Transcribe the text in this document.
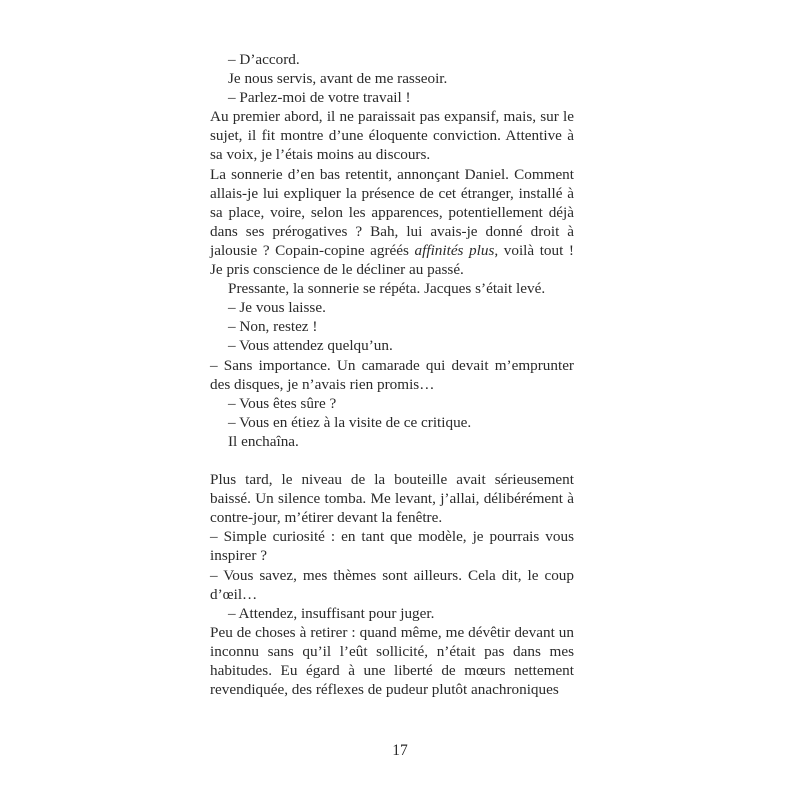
– D’accord.

Je nous servis, avant de me rasseoir.

– Parlez-moi de votre travail !

Au premier abord, il ne paraissait pas expansif, mais, sur le sujet, il fit montre d’une éloquente conviction. Attentive à sa voix, je l’étais moins au discours.

La sonnerie d’en bas retentit, annonçant Daniel. Comment allais-je lui expliquer la présence de cet étranger, installé à sa place, voire, selon les apparences, potentiellement déjà dans ses prérogatives ? Bah, lui avais-je donné droit à jalousie ? Copain-copine agréés affinités plus, voilà tout ! Je pris conscience de le décliner au passé.

Pressante, la sonnerie se répéta. Jacques s’était levé.

– Je vous laisse.

– Non, restez !

– Vous attendez quelqu’un.

– Sans importance. Un camarade qui devait m’emprunter des disques, je n’avais rien promis…

– Vous êtes sûre ?

– Vous en étiez à la visite de ce critique.

Il enchaîna.

Plus tard, le niveau de la bouteille avait sérieusement baissé. Un silence tomba. Me levant, j’allai, délibérément à contre-jour, m’étirer devant la fenêtre.

– Simple curiosité : en tant que modèle, je pourrais vous inspirer ?

– Vous savez, mes thèmes sont ailleurs. Cela dit, le coup d’œil…

– Attendez, insuffisant pour juger.

Peu de choses à retirer : quand même, me dévêtir devant un inconnu sans qu’il l’eût sollicité, n’était pas dans mes habitudes. Eu égard à une liberté de mœurs nettement revendiquée, des réflexes de pudeur plutôt anachroniques

17
